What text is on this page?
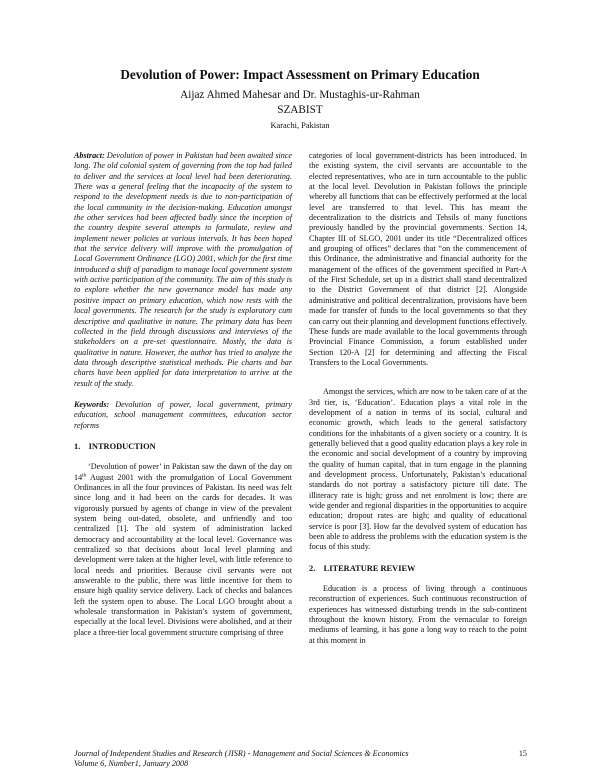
Devolution of Power: Impact Assessment on Primary Education
Aijaz Ahmed Mahesar and Dr. Mustaghis-ur-Rahman
SZABIST
Karachi, Pakistan

Abstract: Devolution of power in Pakistan had been awaited since long. The old colonial system of governing from the top had failed to deliver and the services at local level had been deteriorating. There was a general feeling that the incapacity of the system to respond to the development needs is due to non-participation of the local community in the decision-making. Education amongst the other services had been affected badly since the inception of the country despite several attempts to formulate, review and implement newer policies at various intervals. It has been hoped that the service delivery will improve with the promulgation of Local Government Ordinance (LGO) 2001, which for the first time introduced a shift of paradigm to manage local government system with active participation of the community. The aim of this study is to explore whether the new governance model has made any positive impact on primary education, which now rests with the local governments. The research for the study is exploratory cum descriptive and qualitative in nature. The primary data has been collected in the field through discussions and interviews of the stakeholders on a pre-set questionnaire. Mostly, the data is qualitative in nature. However, the author has tried to analyze the data through descriptive statistical methods. Pie charts and bar charts have been applied for data interpretation to arrive at the result of the study.

Keywords: Devolution of power, local government, primary education, school management committees, education sector reforms

1.    INTRODUCTION

‘Devolution of power’ in Pakistan saw the dawn of the day on 14th August 2001 with the promulgation of Local Government Ordinances in all the four provinces of Pakistan. Its need was felt since long and it had been on the cards for decades. It was vigorously pursued by agents of change in view of the prevalent system being out-dated, obsolete, and unfriendly and too centralized [1]. The old system of administration lacked democracy and accountability at the local level. Governance was centralized so that decisions about local level planning and development were taken at the higher level, with little reference to local needs and priorities. Because civil servants were not answerable to the public, there was little incentive for them to ensure high quality service delivery. Lack of checks and balances left the system open to abuse. The Local LGO brought about a wholesale transformation in Pakistan’s system of government, especially at the local level. Divisions were abolished, and at their place a three-tier local government structure comprising of three

categories of local government-districts has been introduced. In the existing system, the civil servants are accountable to the elected representatives, who are in turn accountable to the public at the local level. Devolution in Pakistan follows the principle whereby all functions that can be effectively performed at the local level are transferred to that level. This has meant the decentralization to the districts and Tehsils of many functions previously handled by the provincial governments. Section 14, Chapter III of SLGO, 2001 under its title “Decentralized offices and grouping of offices” declares that “on the commencement of this Ordinance, the administrative and financial authority for the management of the offices of the government specified in Part-A of the First Schedule, set up in a district shall stand decentralized to the District Government of that district [2]. Alongside administrative and political decentralization, provisions have been made for transfer of funds to the local governments so that they can carry out their planning and development functions effectively. These funds are made available to the local governments through Provincial Finance Commission, a forum established under Section 120-A [2] for determining and affecting the Fiscal Transfers to the Local Governments.

Amongst the services, which are now to be taken care of at the 3rd tier, is, ‘Education’. Education plays a vital role in the development of a nation in terms of its social, cultural and economic growth, which leads to the general satisfactory conditions for the inhabitants of a given society or a country. It is generally believed that a good quality education plays a key role in the economic and social development of a country by improving the quality of human capital, that in turn engage in the planning and development process. Unfortunately, Pakistan’s educational standards do not portray a satisfactory picture till date. The illiteracy rate is high; gross and net enrolment is low; there are wide gender and regional disparities in the opportunities to acquire education; dropout rates are high; and quality of educational service is poor [3]. How far the devolved system of education has been able to address the problems with the education system is the focus of this study.

2.    LITERATURE REVIEW

Education is a process of living through a continuous reconstruction of experiences. Such continuous reconstruction of experiences has witnessed disturbing trends in the sub-continent throughout the known history. From the vernacular to foreign mediums of learning, it has gone a long way to reach to the point at this moment in

Journal of Independent Studies and Research (JISR) - Management and Social Sciences & Economics
Volume 6, Number1, January 2008
15
